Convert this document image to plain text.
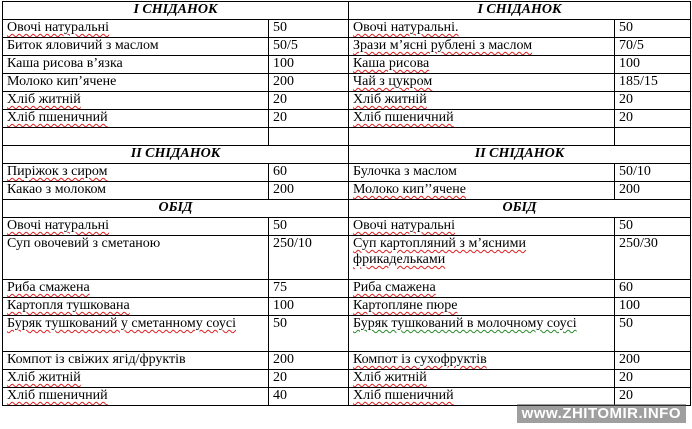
І СНІДАНОК		І СНІДАНОК	
Овочі натуральні	50	Овочі натуральні.	50
Биток яловичий з маслом	50/5	Зрази м’ясні рублені з маслом	70/5
Каша рисова в’язка	100	Каша рисова	100
Молоко кип’ячене	200	Чай з цукром	185/15
Хліб житній	20	Хліб житній	20
Хліб пшеничний	20	Хліб пшеничний	20

ІІ СНІДАНОК		ІІ СНІДАНОК	
Пиріжок з сиром	60	Булочка з маслом	50/10
Какао з молоком	200	Молоко кип’’ячене	200
ОБІД		ОБІД	
Овочі натуральні	50	Овочі натуральні	50
Суп овочевий з сметаною	250/10	Суп картопляний з м’ясними фрикадельками	250/30
Риба смажена	75	Риба смажена	60
Картопля тушкована	100	Картопляне пюре	100
Буряк тушкований у сметанному соусі	50	Буряк тушкований в молочному соусі	50
Компот із свіжих ягід/фруктів	200	Компот із сухофруктів	200
Хліб житній	20	Хліб житній	20
Хліб пшеничний	40	Хліб пшеничний	20
www.ZHITOMIR.INFO
